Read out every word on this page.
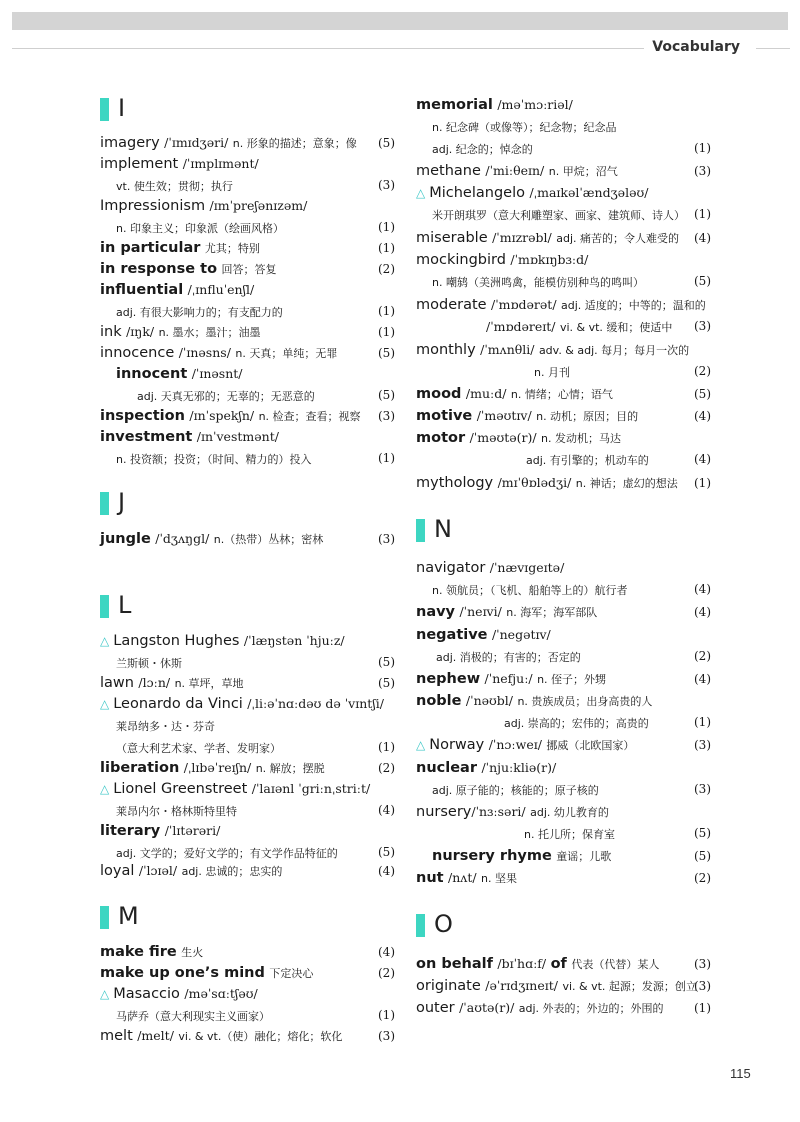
Vocabulary
I
imagery /ˈɪmɪdʒəri/ n. 形象的描述；意象；像 (5)
implement /ˈɪmplɪmənt/
vt. 使生效；贯彻；执行	(3)
Impressionism /ɪmˈpreʃənɪzəm/
n. 印象主义；印象派（绘画风格）	(1)
in particular 尤其；特别	(1)
in response to 回答；答复	(2)
influential /ˌɪnfluˈenʃl/
adj. 有很大影响力的；有支配力的	(1)
ink /ɪŋk/ n. 墨水；墨汁；油墨	(1)
innocence /ˈɪnəsns/ n. 天真；单纯；无罪	(5)
innocent /ˈɪnəsnt/
adj. 天真无邪的；无辜的；无恶意的	(5)
inspection /ɪnˈspekʃn/ n. 检查；查看；视察 (3)
investment /ɪnˈvestmənt/
n. 投资额；投资；（时间、精力的）投入	(1)
J
jungle /ˈdʒʌŋgl/ n.（热带）丛林；密林	(3)
L
△ Langston Hughes /ˈlæŋstən ˈhjuːz/
兰斯顿・休斯	(5)
lawn /lɔːn/ n. 草坪，草地	(5)
△ Leonardo da Vinci /ˌliːəˈnɑːdəʊ də ˈvɪntʃi/
莱昂纳多・达・芬奇
（意大利艺术家、学者、发明家）	(1)
liberation /ˌlɪbəˈreɪʃn/ n. 解放；摆脱	(2)
△ Lionel Greenstreet /ˈlaɪənl ˈgriːnˌstriːt/
莱昂内尔・格林斯特里特	(4)
literary /ˈlɪtərəri/
adj. 文学的；爱好文学的；有文学作品特征的	(5)
loyal /ˈlɔɪəl/ adj. 忠诚的；忠实的	(4)
M
make fire 生火	(4)
make up one’s mind 下定决心	(2)
△ Masaccio /məˈsɑːtʃəʊ/
马萨乔（意大利现实主义画家）	(1)
melt /melt/ vi. & vt.（使）融化；熔化；软化	(3)
memorial /məˈmɔːriəl/
n. 纪念碑（或像等）；纪念物；纪念品
adj. 纪念的；悼念的	(1)
methane /ˈmiːθeɪn/ n. 甲烷；沼气	(3)
△ Michelangelo /ˌmaɪkəlˈændʒələʊ/
米开朗琪罗（意大利雕塑家、画家、建筑师、诗人） (1)
miserable /ˈmɪzrəbl/ adj. 痛苦的；令人难受的 (4)
mockingbird /ˈmɒkɪŋbɜːd/
n. 嘲鸫（美洲鸣禽，能模仿别种鸟的鸣叫）	(5)
moderate /ˈmɒdərət/ adj. 适度的；中等的；温和的
/ˈmɒdəreɪt/ vi. & vt. 缓和；使适中 (3)
monthly /ˈmʌnθli/ adv. & adj. 每月；每月一次的
n. 月刊	(2)
mood /muːd/ n. 情绪；心情；语气	(5)
motive /ˈməʊtɪv/ n. 动机；原因；目的	(4)
motor /ˈməʊtə(r)/ n. 发动机；马达
adj. 有引擎的；机动车的	(4)
mythology /mɪˈθɒlədʒi/ n. 神话；虚幻的想法 (1)
N
navigator /ˈnævɪgeɪtə/
n. 领航员；（飞机、船舶等上的）航行者	(4)
navy /ˈneɪvi/ n. 海军；海军部队	(4)
negative /ˈnegətɪv/
adj. 消极的；有害的；否定的	(2)
nephew /ˈnefjuː/ n. 侄子；外甥	(4)
noble /ˈnəʊbl/ n. 贵族成员；出身高贵的人
adj. 崇高的；宏伟的；高贵的	(1)
△ Norway /ˈnɔːweɪ/ 挪威（北欧国家）	(3)
nuclear /ˈnjuːkliə(r)/
adj. 原子能的；核能的；原子核的	(3)
nursery/ˈnɜːsəri/ adj. 幼儿教育的
n. 托儿所；保育室	(5)
nursery rhyme 童谣；儿歌	(5)
nut /nʌt/ n. 坚果	(2)
O
on behalf /bɪˈhɑːf/ of 代表（代替）某人	(3)
originate /əˈrɪdʒɪneɪt/ vi. & vt. 起源；发源；创立
(3)
outer /ˈaʊtə(r)/ adj. 外表的；外边的；外围的	(1)
115
